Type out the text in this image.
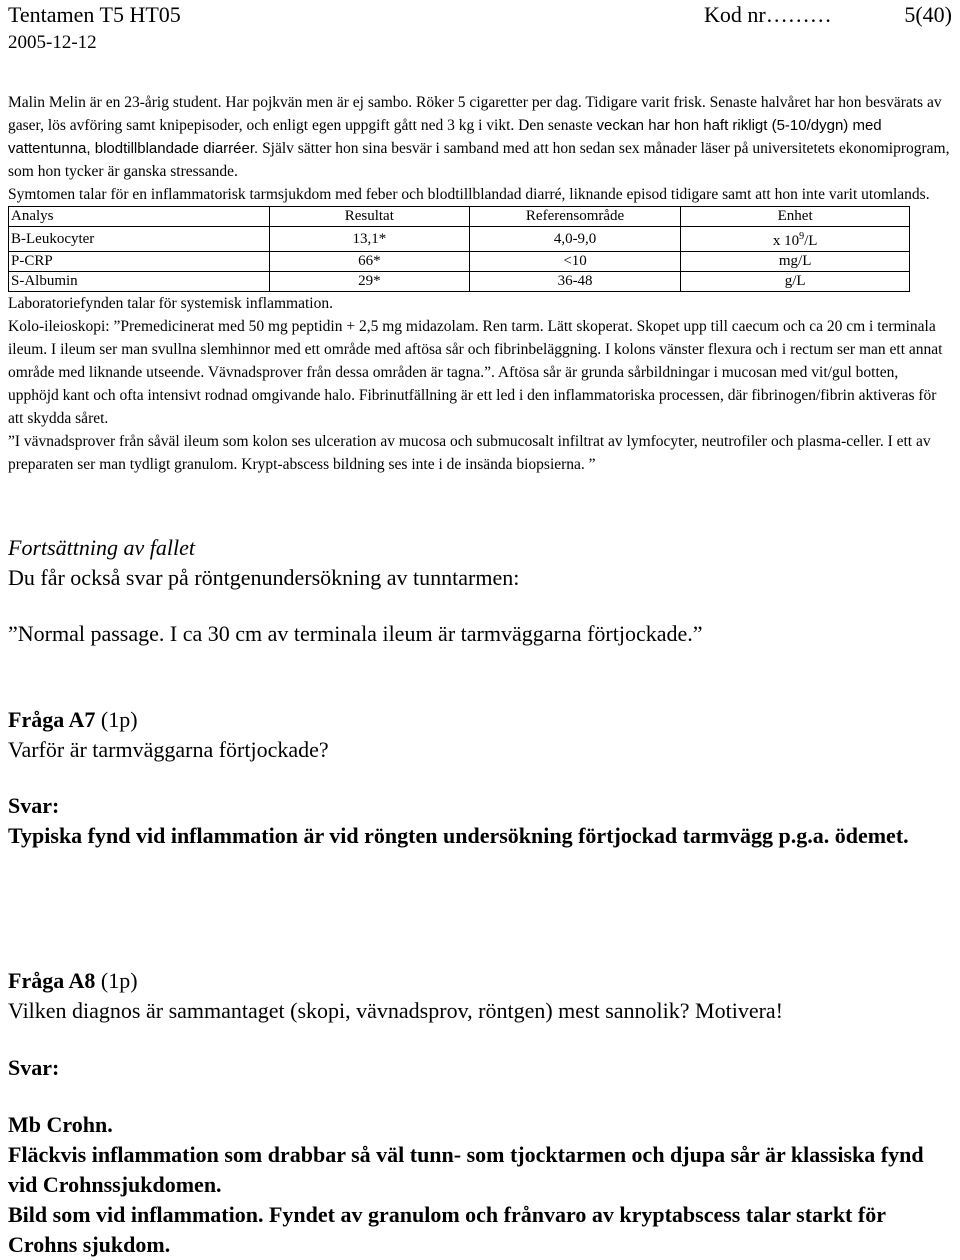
Tentamen T5 HT05	Kod nr………	5(40)
2005-12-12

Malin Melin är en 23-årig student. Har pojkvän men är ej sambo. Röker 5 cigaretter per dag. Tidigare varit frisk. Senaste halvåret har hon besvärats av gaser, lös avföring samt knipepisoder, och enligt egen uppgift gått ned 3 kg i vikt. Den senaste veckan har hon haft rikligt (5-10/dygn) med vattentunna, blodtillblandade diarréer. Själv sätter hon sina besvär i samband med att hon sedan sex månader läser på universitetets ekonomiprogram, som hon tycker är ganska stressande.

Symtomen talar för en inflammatorisk tarmsjukdom med feber och blodtillblandad diarré, liknande episod tidigare samt att hon inte varit utomlands.

Analys	Resultat	Referensområde	Enhet
B-Leukocyter	13,1*	4,0-9,0	x $10^9/L$
P-CRP	66*	<10	mg/L
S-Albumin	29*	36-48	g/L

Laboratoriefynden talar för systemisk inflammation.

Kolo-ileioskopi: ”Premedicinerat med 50 mg peptidin + 2,5 mg midazolam. Ren tarm. Lätt skoperat. Skopet upp till caecum och ca 20 cm i terminala ileum. I ileum ser man svullna slemhinnor med ett område med aftösa sår och fibrinbeläggning. I kolons vänster flexura och i rectum ser man ett annat område med liknande utseende. Vävnadsprover från dessa områden är tagna.”. Aftösa sår är grunda sårbildningar i mucosan med vit/gul botten, upphöjd kant och ofta intensivt rodnad omgivande halo. Fibrinutfällning är ett led i den inflammatoriska processen, där fibrinogen/fibrin aktiveras för att skydda såret.

”I vävnadsprover från såväl ileum som kolon ses ulceration av mucosa och submucosalt infiltrat av lymfocyter, neutrofiler och plasma-celler. I ett av preparaten ser man tydligt granulom. Krypt-abscess bildning ses inte i de insända biopsierna. ”

Fortsättning av fallet

Du får också svar på röntgenundersökning av tunntarmen:

”Normal passage. I ca 30 cm av terminala ileum är tarmväggarna förtjockade.”

Fråga A7 (1p)

Varför är tarmväggarna förtjockade?

Svar:

Typiska fynd vid inflammation är vid röngten undersökning förtjockad tarmvägg p.g.a. ödemet.

Fråga A8 (1p)

Vilken diagnos är sammantaget (skopi, vävnadsprov, röntgen) mest sannolik? Motivera!

Svar:

Mb Crohn.

Fläckvis inflammation som drabbar så väl tunn- som tjocktarmen och djupa sår är klassiska fynd vid Crohnssjukdomen.

Bild som vid inflammation. Fyndet av granulom och frånvaro av kryptabscess talar starkt för Crohns sjukdom.
